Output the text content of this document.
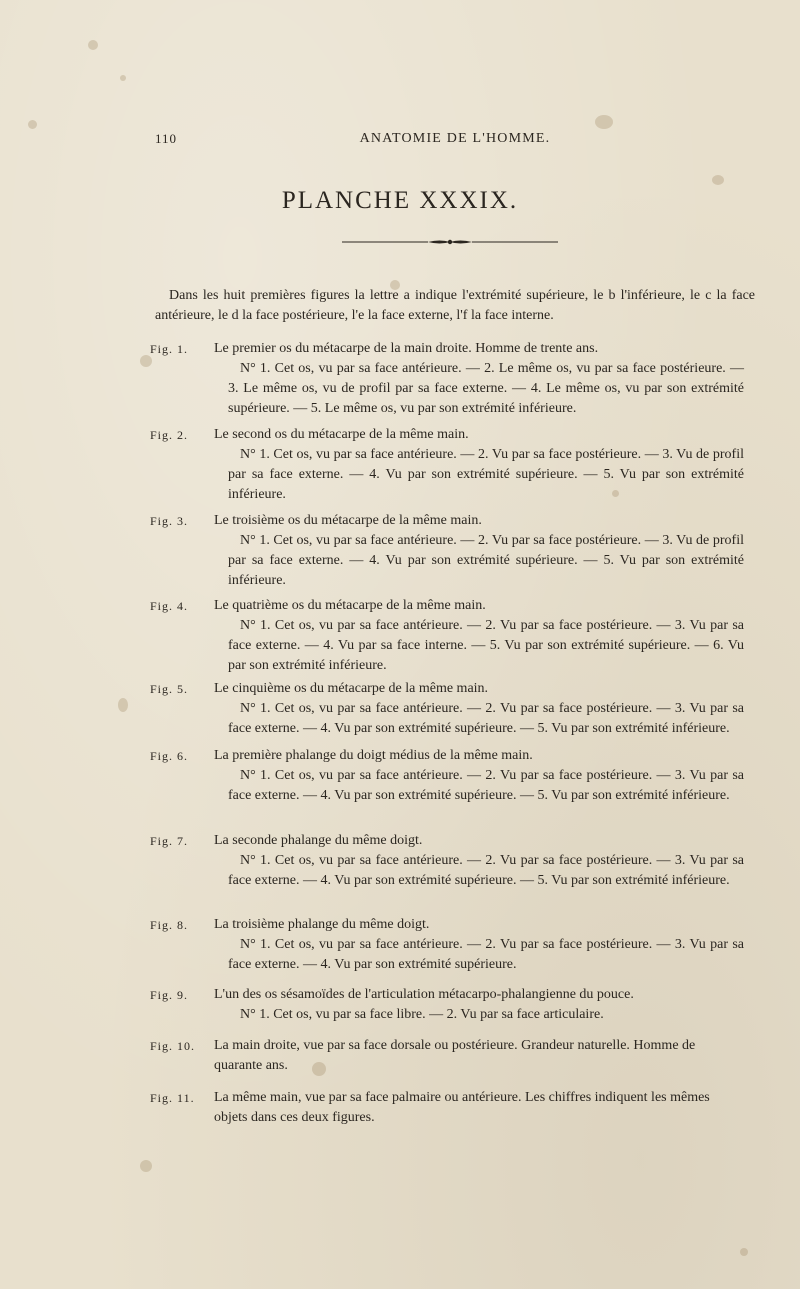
110	ANATOMIE DE L'HOMME.
PLANCHE XXXIX.
Dans les huit premières figures la lettre a indique l'extrémité supérieure, le b l'inférieure, le c la face antérieure, le d la face postérieure, l'e la face externe, l'f la face interne.
Fig. 1. Le premier os du métacarpe de la main droite. Homme de trente ans.
N° 1. Cet os, vu par sa face antérieure. — 2. Le même os, vu par sa face postérieure. — 3. Le même os, vu de profil par sa face externe. — 4. Le même os, vu par son extrémité supérieure. — 5. Le même os, vu par son extrémité inférieure.
Fig. 2. Le second os du métacarpe de la même main.
N° 1. Cet os, vu par sa face antérieure. — 2. Vu par sa face postérieure. — 3. Vu de profil par sa face externe. — 4. Vu par son extrémité supérieure. — 5. Vu par son extrémité inférieure.
Fig. 3. Le troisième os du métacarpe de la même main.
N° 1. Cet os, vu par sa face antérieure. — 2. Vu par sa face postérieure. — 3. Vu de profil par sa face externe. — 4. Vu par son extrémité supérieure. — 5. Vu par son extrémité inférieure.
Fig. 4. Le quatrième os du métacarpe de la même main.
N° 1. Cet os, vu par sa face antérieure. — 2. Vu par sa face postérieure. — 3. Vu par sa face externe. — 4. Vu par sa face interne. — 5. Vu par son extrémité supérieure. — 6. Vu par son extrémité inférieure.
Fig. 5. Le cinquième os du métacarpe de la même main.
N° 1. Cet os, vu par sa face antérieure. — 2. Vu par sa face postérieure. — 3. Vu par sa face externe. — 4. Vu par son extrémité supérieure. — 5. Vu par son extrémité inférieure.
Fig. 6. La première phalange du doigt médius de la même main.
N° 1. Cet os, vu par sa face antérieure. — 2. Vu par sa face postérieure. — 3. Vu par sa face externe. — 4. Vu par son extrémité supérieure. — 5. Vu par son extrémité inférieure.
Fig. 7. La seconde phalange du même doigt.
N° 1. Cet os, vu par sa face antérieure. — 2. Vu par sa face postérieure. — 3. Vu par sa face externe. — 4. Vu par son extrémité supérieure. — 5. Vu par son extrémité inférieure.
Fig. 8. La troisième phalange du même doigt.
N° 1. Cet os, vu par sa face antérieure. — 2. Vu par sa face postérieure. — 3. Vu par sa face externe. — 4. Vu par son extrémité supérieure.
Fig. 9. L'un des os sésamoïdes de l'articulation métacarpo-phalangienne du pouce.
N° 1. Cet os, vu par sa face libre. — 2. Vu par sa face articulaire.
Fig. 10. La main droite, vue par sa face dorsale ou postérieure. Grandeur naturelle. Homme de quarante ans.
Fig. 11. La même main, vue par sa face palmaire ou antérieure. Les chiffres indiquent les mêmes objets dans ces deux figures.
